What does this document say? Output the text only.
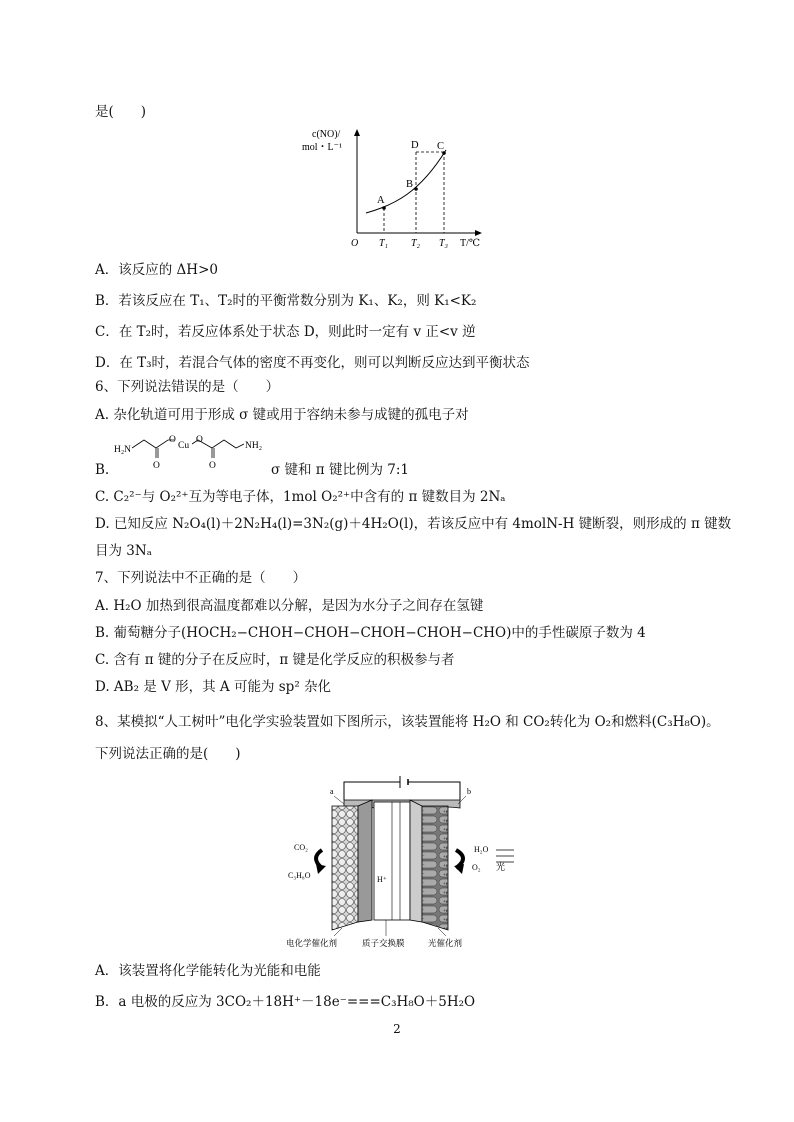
是(　　)
c(NO)/
mol・L⁻¹
A
B
C
D
O T₁ T₂ T₃ T/℃
A．该反应的 ΔH>0
B．若该反应在 T₁、T₂时的平衡常数分别为 K₁、K₂，则 K₁<K₂
C．在 T₂时，若反应体系处于状态 D，则此时一定有 v 正<v 逆
D．在 T₃时，若混合气体的密度不再变化，则可以判断反应达到平衡状态
6、下列说法错误的是（　　）
A. 杂化轨道可用于形成 σ 键或用于容纳未参与成键的孤电子对
H₂N
O
Cu
O
NH₂
O	O
B.	σ 键和 π 键比例为 7:1
C. C₂²⁻与 O₂²⁺互为等电子体，1mol O₂²⁺中含有的 π 键数目为 2Nₐ
D. 已知反应 N₂O₄(l)＋2N₂H₄(l)=3N₂(g)＋4H₂O(l)，若该反应中有 4molN-H 键断裂，则形成的 π 键数
目为 3Nₐ
7、下列说法中不正确的是（　　）
A. H₂O 加热到很高温度都难以分解，是因为水分子之间存在氢键
B. 葡萄糖分子(HOCH₂−CHOH−CHOH−CHOH−CHOH−CHO)中的手性碳原子数为 4
C. 含有 π 键的分子在反应时，π 键是化学反应的积极参与者
D. AB₂ 是 V 形，其 A 可能为 sp² 杂化
8、某模拟“人工树叶”电化学实验装置如下图所示，该装置能将 H₂O 和 CO₂转化为 O₂和燃料(C₃H₈O)。
下列说法正确的是(　　)
a	b
CO₂
C₃H₈O	H⁺
H₂O
O₂ 光
电化学催化剂	质子交换膜	光催化剂
A．该装置将化学能转化为光能和电能
B．a 电极的反应为 3CO₂＋18H⁺－18e⁻===C₃H₈O＋5H₂O
2
